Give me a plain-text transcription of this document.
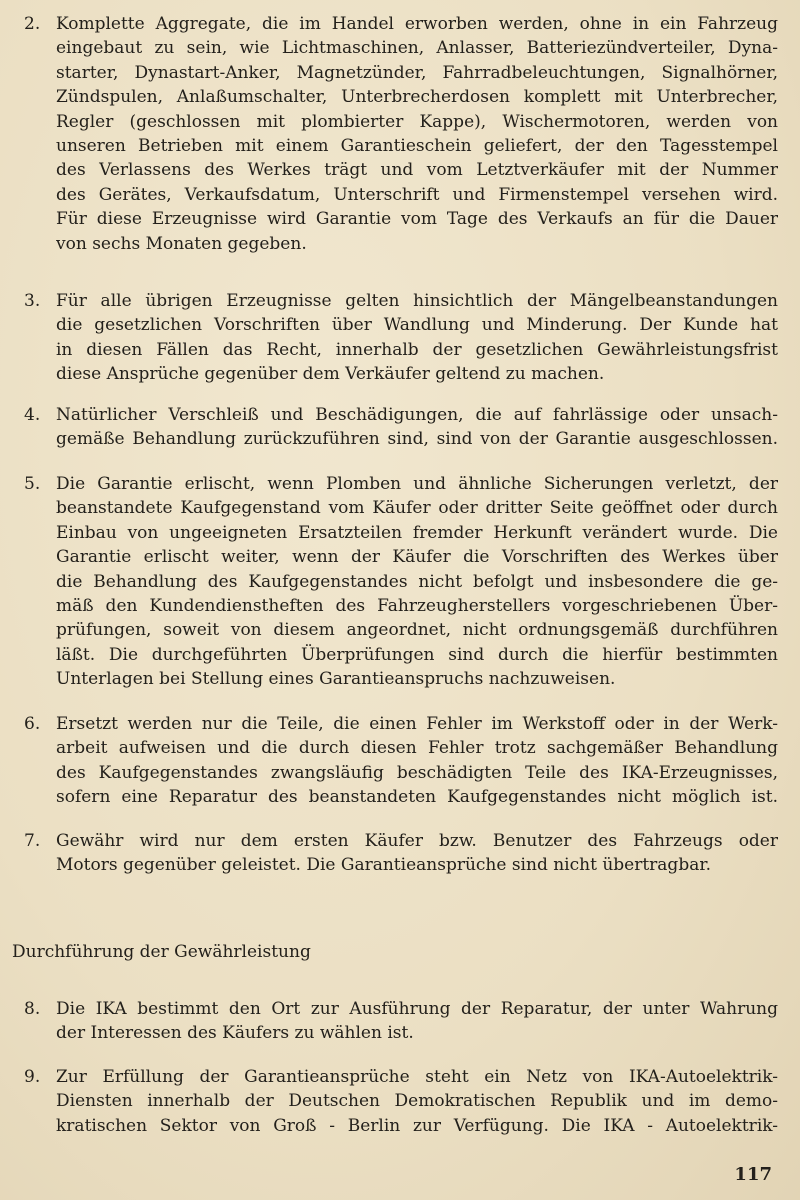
2. Komplette Aggregate, die im Handel erworben werden, ohne in ein Fahrzeug
eingebaut zu sein, wie Lichtmaschinen, Anlasser, Batteriezündverteiler, Dyna-
starter, Dynastart-Anker, Magnetzünder, Fahrradbeleuchtungen, Signalhörner,
Zündspulen, Anlaßumschalter, Unterbrecherdosen komplett mit Unterbrecher,
Regler (geschlossen mit plombierter Kappe), Wischermotoren, werden von
unseren Betrieben mit einem Garantieschein geliefert, der den Tagesstempel
des Verlassens des Werkes trägt und vom Letztverkäufer mit der Nummer
des Gerätes, Verkaufsdatum, Unterschrift und Firmenstempel versehen wird.
Für diese Erzeugnisse wird Garantie vom Tage des Verkaufs an für die Dauer
von sechs Monaten gegeben.
3. Für alle übrigen Erzeugnisse gelten hinsichtlich der Mängelbeanstandungen
die gesetzlichen Vorschriften über Wandlung und Minderung. Der Kunde hat
in diesen Fällen das Recht, innerhalb der gesetzlichen Gewährleistungsfrist
diese Ansprüche gegenüber dem Verkäufer geltend zu machen.
4. Natürlicher Verschleiß und Beschädigungen, die auf fahrlässige oder unsach-
gemäße Behandlung zurückzuführen sind, sind von der Garantie ausgeschlossen.
5. Die Garantie erlischt, wenn Plomben und ähnliche Sicherungen verletzt, der
beanstandete Kaufgegenstand vom Käufer oder dritter Seite geöffnet oder durch
Einbau von ungeeigneten Ersatzteilen fremder Herkunft verändert wurde. Die
Garantie erlischt weiter, wenn der Käufer die Vorschriften des Werkes über
die Behandlung des Kaufgegenstandes nicht befolgt und insbesondere die ge-
mäß den Kundendienstheften des Fahrzeugherstellers vorgeschriebenen Über-
prüfungen, soweit von diesem angeordnet, nicht ordnungsgemäß durchführen
läßt. Die durchgeführten Überprüfungen sind durch die hierfür bestimmten
Unterlagen bei Stellung eines Garantieanspruchs nachzuweisen.
6. Ersetzt werden nur die Teile, die einen Fehler im Werkstoff oder in der Werk-
arbeit aufweisen und die durch diesen Fehler trotz sachgemäßer Behandlung
des Kaufgegenstandes zwangsläufig beschädigten Teile des IKA-Erzeugnisses,
sofern eine Reparatur des beanstandeten Kaufgegenstandes nicht möglich ist.
7. Gewähr wird nur dem ersten Käufer bzw. Benutzer des Fahrzeugs oder
Motors gegenüber geleistet. Die Garantieansprüche sind nicht übertragbar.
Durchführung der Gewährleistung
8. Die IKA bestimmt den Ort zur Ausführung der Reparatur, der unter Wahrung
der Interessen des Käufers zu wählen ist.
9. Zur Erfüllung der Garantieansprüche steht ein Netz von IKA-Autoelektrik-
Diensten innerhalb der Deutschen Demokratischen Republik und im demo-
kratischen Sektor von Groß - Berlin zur Verfügung. Die IKA - Autoelektrik-
117
